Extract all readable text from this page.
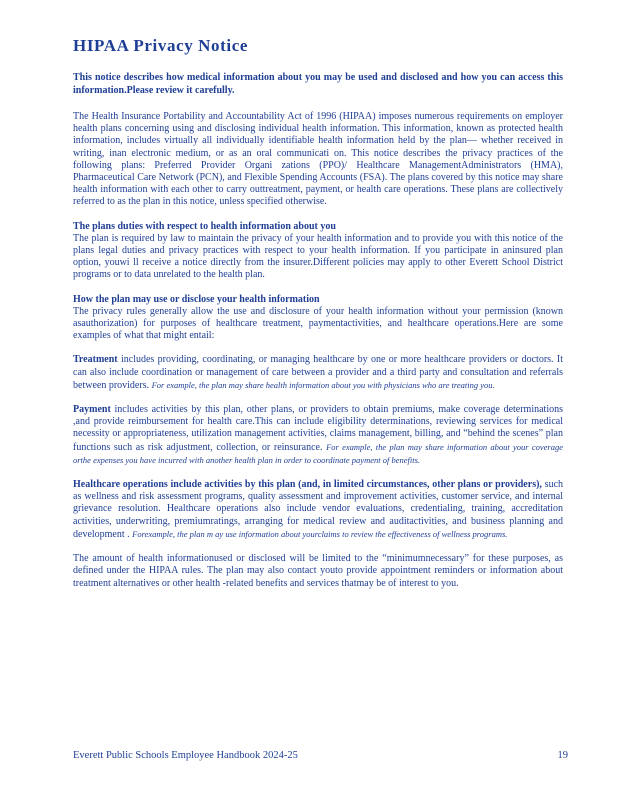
HIPAA Privacy Notice

This notice describes how medical information about you may be used and disclosed and how you can access this information.Please review it carefully.

The Health Insurance Portability and Accountability Act of 1996 (HIPAA) imposes numerous requirements on employer health plans concerning using and disclosing individual health information. This information, known as protected health information, includes virtually all individually identifiable health information held by the plan— whether received in writing, inan electronic medium, or as an oral communicati on. This notice describes the privacy practices of the following plans: Preferred Provider Organi zations (PPO)/ Healthcare ManagementAdministrators (HMA), Pharmaceutical Care Network (PCN), and Flexible Spending Accounts (FSA). The plans covered by this notice may share health information with each other to carry outtreatment, payment, or health care operations. These plans are collectively referred to as the plan in this notice, unless specified otherwise.

The plans duties with respect to health information about you
The plan is required by law to maintain the privacy of your health information and to provide you with this notice of the plans legal duties and privacy practices with respect to your health information. If you participate in aninsured plan option, youwi ll receive a notice directly from the insurer.Different policies may apply to other Everett School District programs or to data unrelated to the health plan.

How the plan may use or disclose your health information
The privacy rules generally allow the use and disclosure of your health information without your permission (known asauthorization) for purposes of healthcare treatment, paymentactivities, and healthcare operations.Here are some examples of what that might entail:

Treatment includes providing, coordinating, or managing healthcare by one or more healthcare providers or doctors. It can also include coordination or management of care between a provider and a third party and consultation and referrals between providers. For example, the plan may share health information about you with physicians who are treating you.

Payment includes activities by this plan, other plans, or providers to obtain premiums, make coverage determinations ,and provide reimbursement for health care.This can include eligibility determinations, reviewing services for medical necessity or appropriateness, utilization management activities, claims management, billing, and “behind the scenes” plan functions such as risk adjustment, collection, or reinsurance. For example, the plan may share information about your coverage orthe expenses you have incurred with another health plan in order to coordinate payment of benefits.

Healthcare operations include activities by this plan (and, in limited circumstances, other plans or providers), such as wellness and risk assessment programs, quality assessment and improvement activities, customer service, and internal grievance resolution. Healthcare operations also include vendor evaluations, credentialing, training, accreditation activities, underwriting, premiumratings, arranging for medical review and auditactivities, and business planning and development . Forexample, the plan m ay use information about yourclaims to review the effectiveness of wellness programs.

The amount of health informationused or disclosed will be limited to the “minimumnecessary” for these purposes, as defined under the HIPAA rules. The plan may also contact youto provide appointment reminders or information about treatment alternatives or other health -related benefits and services thatmay be of interest to you.

Everett Public Schools Employee Handbook 2024-25	19
